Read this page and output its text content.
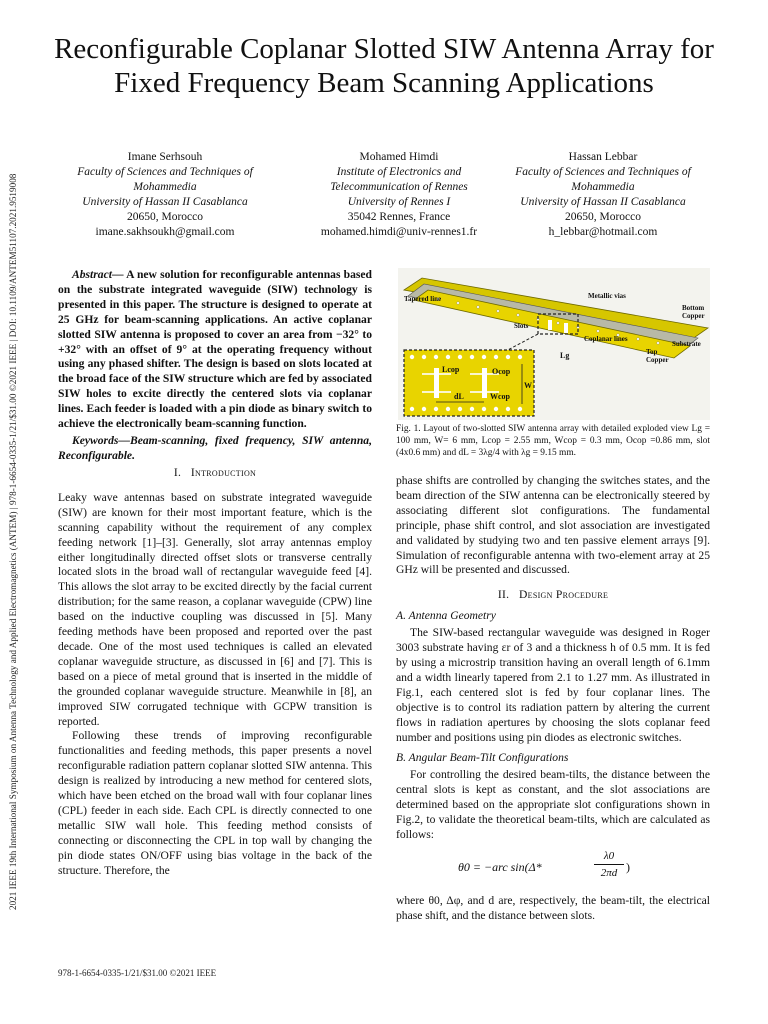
2021 IEEE 19th International Symposium on Antenna Technology and Applied Electromagnetics (ANTEM) | 978-1-6654-0335-1/21/$31.00 ©2021 IEEE | DOI: 10.1109/ANTEM51107.2021.9519008
Reconfigurable Coplanar Slotted SIW Antenna Array for Fixed Frequency Beam Scanning Applications
Imane Serhsouh
Faculty of Sciences and Techniques of
Mohammedia
University of Hassan II Casablanca
20650, Morocco
imane.sakhsoukh@gmail.com
Mohamed Himdi
Institute of Electronics and
Telecommunication of Rennes
University of Rennes I
35042 Rennes, France
mohamed.himdi@univ-rennes1.fr
Hassan Lebbar
Faculty of Sciences and Techniques of
Mohammedia
University of Hassan II Casablanca
20650, Morocco
h_lebbar@hotmail.com

Abstract— A new solution for reconfigurable antennas based on the substrate integrated waveguide (SIW) technology is presented in this paper. The structure is designed to operate at 25 GHz for beam-scanning applications. An active coplanar slotted SIW antenna is proposed to cover an area from −32° to +32° with an offset of 9° at the operating frequency without using any phased shifter. The design is based on slots located at the broad face of the SIW structure which are fed by associated SIW holes to excite directly the centered slots via coplanar lines. Each feeder is loaded with a pin diode as binary switch to achieve the electronically beam-scanning function.

Keywords—Beam-scanning, fixed frequency, SIW antenna, Reconfigurable.

I. Introduction

Leaky wave antennas based on substrate integrated waveguide (SIW) are known for their most important feature, which is the scanning capability without the requirement of any complex feeding network [1]–[3]. Generally, slot array antennas employ either longitudinally directed offset slots or transverse centrally located slots in the broad wall of rectangular waveguide feed [4]. This allows the slot array to be excited directly by the facial current distribution; for the same reason, a coplanar waveguide (CPW) line based on the inductive coupling was discussed in [5]. Many feeding methods have been proposed and reported over the past decade. One of the most used techniques is called an elevated coplanar waveguide structure, as discussed in [6] and [7]. This is based on a piece of metal ground that is inserted in the middle of the grounded coplanar waveguide structure. Meanwhile in [8], an improved SIW corrugated technique with GCPW transition is reported.

Following these trends of improving reconfigurable functionalities and feeding methods, this paper presents a novel reconfigurable radiation pattern coplanar slotted SIW antenna. This design is realized by introducing a new method for centered slots, which have been etched on the broad wall with four coplanar lines (CPL) feeder in each side. Each CPL is directly connected to one metallic SIW wall hole. This feeding method consists of connecting or disconnecting the CPL in top wall by changing the pin diode states ON/OFF using bias voltage in the back of the structure. Therefore, the

Tapered line	Metallic vias
Bottom
Copper
Slots
Coplanar lines
Substrate
Top
Copper
Lg
Lcop	Ocop
W
dL	Wcop
Fig. 1. Layout of two-slotted SIW antenna array with detailed exploded view Lg = 100 mm, W= 6 mm, Lcop = 2.55 mm, Wcop = 0.3 mm, Ocop =0.86 mm, slot (4x0.6 mm) and dL = 3λg/4 with λg = 9.15 mm.

phase shifts are controlled by changing the switches states, and the beam direction of the SIW antenna can be electronically steered by associating different slot configurations. The fundamental principle, phase shift control, and slot association are investigated and validated by studying two and ten passive element arrays [9]. Simulation of reconfigurable antenna with two-element array at 25 GHz will be presented and discussed.

II. Design Procedure
A. Antenna Geometry

The SIW-based rectangular waveguide was designed in Roger 3003 substrate having εr of 3 and a thickness h of 0.5 mm. It is fed by using a microstrip transition having an overall length of 6.1mm and a width linearly tapered from 2.1 to 1.27 mm. As illustrated in Fig.1, each centered slot is fed by four coplanar lines. The objective is to control its radiation pattern by altering the current flows in radiation apertures by choosing the slots coplanar feed number and positions using pin diodes as electronic switches.

B. Angular Beam-Tilt Configurations

For controlling the desired beam-tilts, the distance between the central slots is kept as constant, and the slot associations are determined based on the appropriate slot configurations shown in Fig.2, to validate the theoretical beam-tilts, which are calculated as follows:

θ0 = −arc sin(Δ*
λ0
2πd )

where θ0, Δφ, and d are, respectively, the beam-tilt, the electrical phase shift, and the distance between slots.

978-1-6654-0335-1/21/$31.00 ©2021 IEEE
